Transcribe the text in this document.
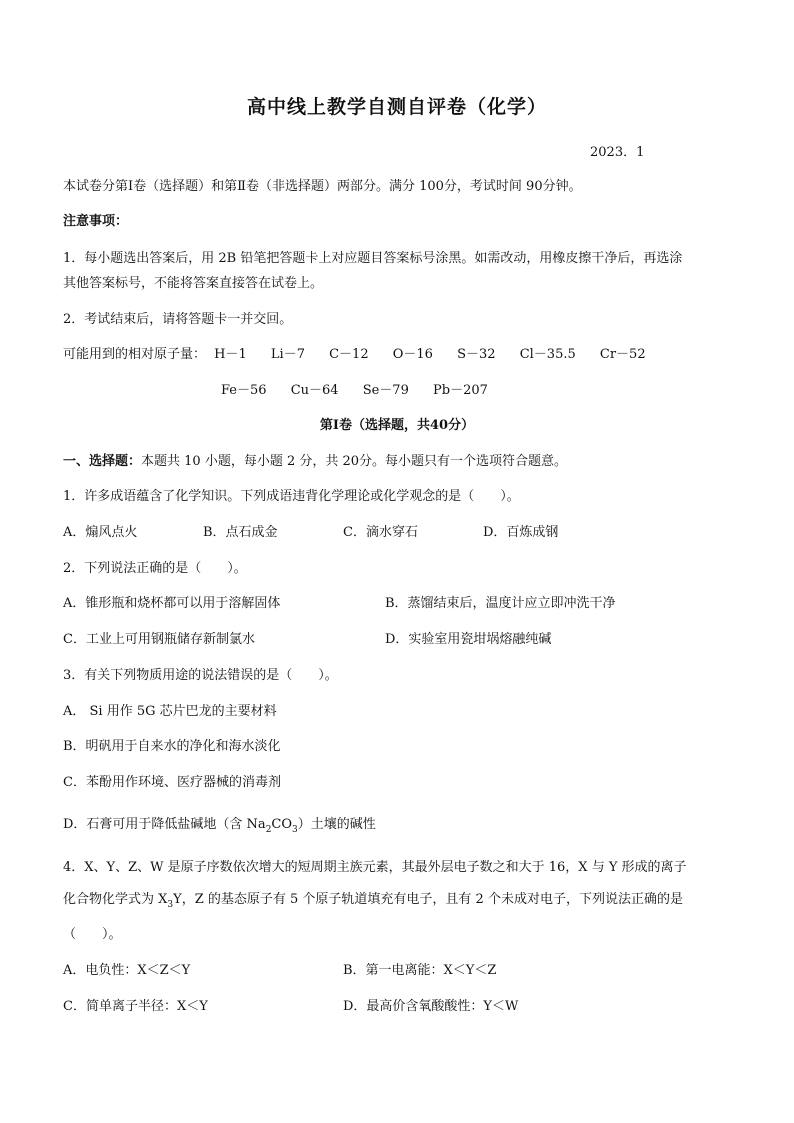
高中线上教学自测自评卷（化学）
2023．1
本试卷分第Ⅰ卷（选择题）和第Ⅱ卷（非选择题）两部分。满分 100分，考试时间 90分钟。
注意事项：
1．每小题选出答案后，用 2B 铅笔把答题卡上对应题目答案标号涂黑。如需改动，用橡皮擦干净后，再选涂
其他答案标号，不能将答案直接答在试卷上。
2．考试结束后，请将答题卡一并交回。
可能用到的相对原子量： H－1 Li－7 C－12 O－16 S－32 Cl－35.5 Cr－52
Fe－56 Cu－64 Se－79 Pb－207
第Ⅰ卷（选择题，共40分）
一、选择题：本题共 10 小题，每小题 2 分，共 20分。每小题只有一个选项符合题意。
1．许多成语蕴含了化学知识。下列成语违背化学理论或化学观念的是（　　）。
A．煽风点火	B．点石成金	C．滴水穿石	D．百炼成钢
2．下列说法正确的是（　　）。
A．锥形瓶和烧杯都可以用于溶解固体	B．蒸馏结束后，温度计应立即冲洗干净
C．工业上可用钢瓶储存新制氯水	D．实验室用瓷坩埚熔融纯碱
3．有关下列物质用途的说法错误的是（　　）。
A． Si 用作 5G 芯片巴龙的主要材料
B．明矾用于自来水的净化和海水淡化
C．苯酚用作环境、医疗器械的消毒剂
D．石膏可用于降低盐碱地（含 $Na_2CO_3$）土壤的碱性
4．X、Y、Z、W 是原子序数依次增大的短周期主族元素，其最外层电子数之和大于 16，X 与 Y 形成的离子
化合物化学式为 $X_3Y$，Z 的基态原子有 5 个原子轨道填充有电子，且有 2 个未成对电子，下列说法正确的是
（　　）。
A．电负性：X＜Z＜Y	B．第一电离能：X＜Y＜Z
C．简单离子半径：X＜Y	D．最高价含氧酸酸性：Y＜W
